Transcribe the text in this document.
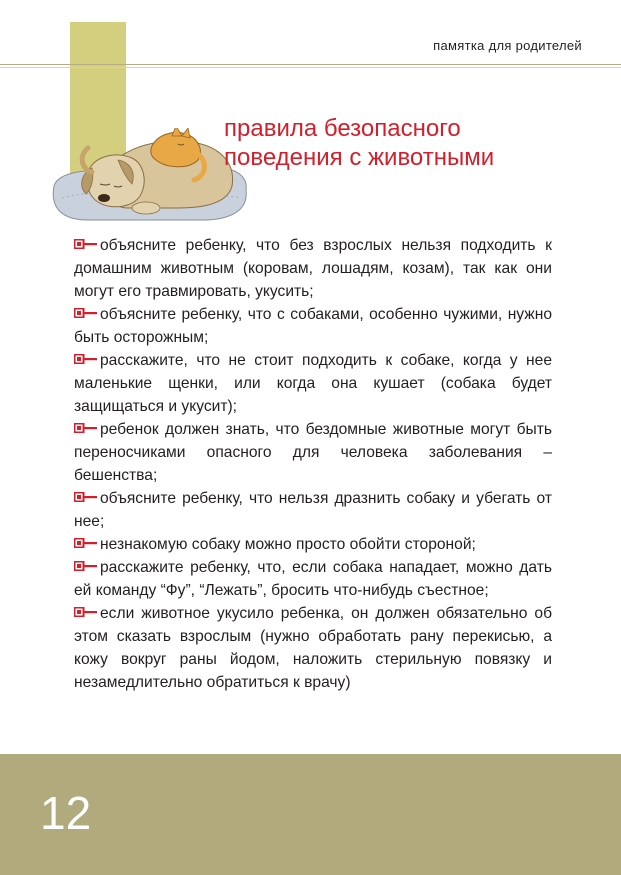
памятка для родителей
правила безопасного
поведения с животными
объясните ребенку, что без взрослых нельзя подходить к домашним животным (коровам, лошадям, козам), так как они могут его травмировать, укусить;
объясните ребенку, что с собаками, особенно чужими, нужно быть осторожным;
расскажите, что не стоит подходить к собаке, когда у нее маленькие щенки, или когда она кушает (собака будет защищаться и укусит);
ребенок должен знать, что бездомные животные могут быть переносчиками опасного для человека заболевания – бешенства;
объясните ребенку, что нельзя дразнить собаку и убегать от нее;
незнакомую собаку можно просто обойти стороной;
расскажите ребенку, что, если собака нападает, можно дать ей команду “Фу”, “Лежать”, бросить что-нибудь съестное;
если животное укусило ребенка, он должен обязательно об этом сказать взрослым (нужно обработать рану перекисью, а кожу вокруг раны йодом, наложить стерильную повязку и незамедлительно обратиться к врачу)
12
